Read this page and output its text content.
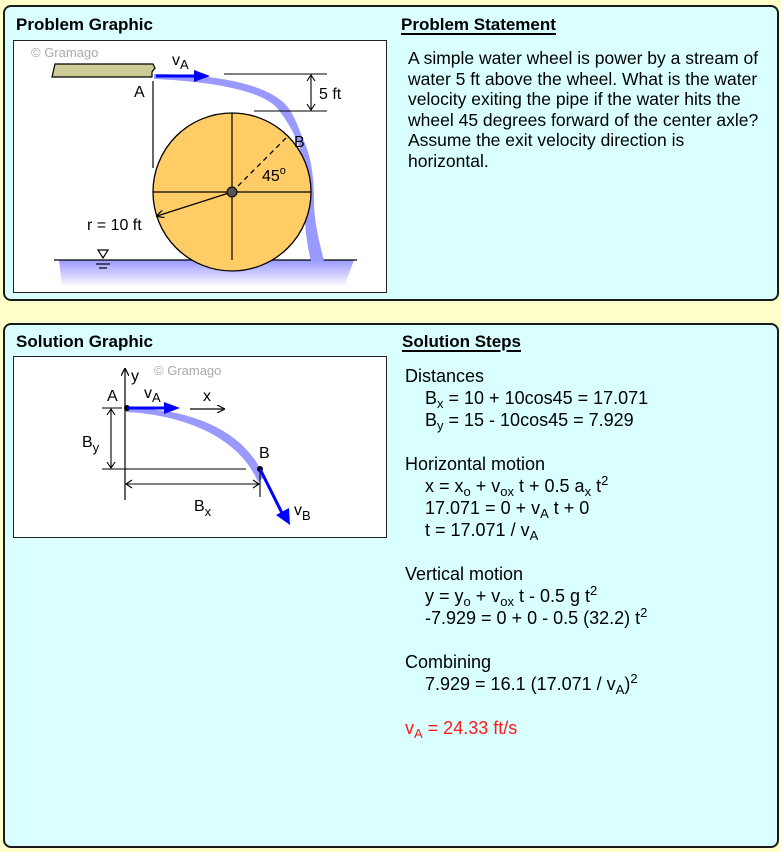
Problem Graphic	Problem Statement
© Gramago	$v_A$
A
B
5 ft
45$^o$
r = 10 ft
A simple water wheel is power by a stream of water 5 ft above the wheel. What is the water velocity exiting the pipe if the water hits the wheel 45 degrees forward of the center axle? Assume the exit velocity direction is horizontal.
Solution Graphic	Solution Steps
© Gramago
y
A $v_A$	x
$B_y$	B
$B_x$	$v_B$
Distances
$B_x = 10 + 10\cos 45 = 17.071$
$B_y = 15 - 10\cos 45 = 7.929$
Horizontal motion
$x = x_o + v_{ox}$ t + 0.5 $a_x$ $t^2$
$17.071 = 0 + v_A$ t + 0
$t = 17.071 / v_A$
Vertical motion
$y = y_o + v_{ox}$ t - 0.5 g $t^2$
-7.929 = 0 + 0 - 0.5 (32.2) $t^2$
Combining
7.929 = 16.1 $(17.071 / v_A)^2$
$v_A = 24.33$ ft/s
